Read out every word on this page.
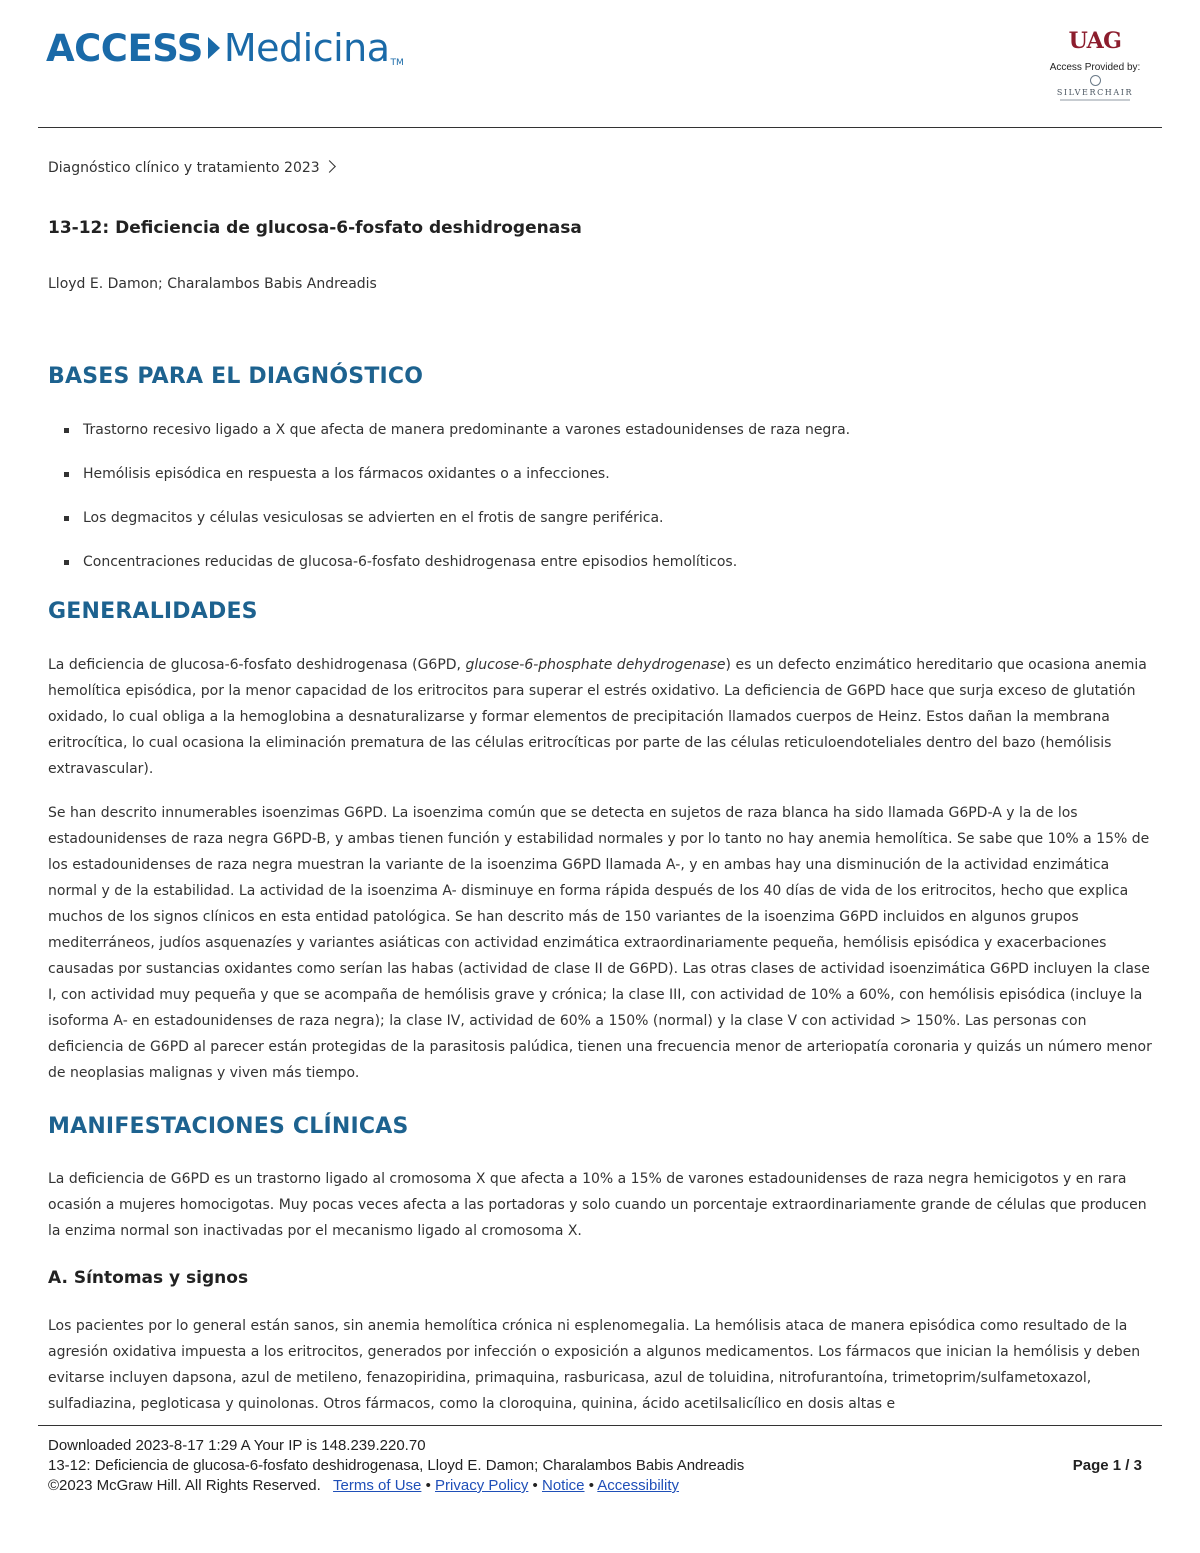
ACCESS Medicina TM
UAG
Access Provided by:
SILVERCHAIR
Diagnóstico clínico y tratamiento 2023
13-12: Deficiencia de glucosa-6-fosfato deshidrogenasa
Lloyd E. Damon; Charalambos Babis Andreadis
BASES PARA EL DIAGNÓSTICO
Trastorno recesivo ligado a X que afecta de manera predominante a varones estadounidenses de raza negra.
Hemólisis episódica en respuesta a los fármacos oxidantes o a infecciones.
Los degmacitos y células vesiculosas se advierten en el frotis de sangre periférica.
Concentraciones reducidas de glucosa-6-fosfato deshidrogenasa entre episodios hemolíticos.
GENERALIDADES

La deficiencia de glucosa-6-fosfato deshidrogenasa (G6PD, glucose-6-phosphate dehydrogenase) es un defecto enzimático hereditario que ocasiona anemia hemolítica episódica, por la menor capacidad de los eritrocitos para superar el estrés oxidativo. La deficiencia de G6PD hace que surja exceso de glutatión oxidado, lo cual obliga a la hemoglobina a desnaturalizarse y formar elementos de precipitación llamados cuerpos de Heinz. Estos dañan la membrana eritrocítica, lo cual ocasiona la eliminación prematura de las células eritrocíticas por parte de las células reticuloendoteliales dentro del bazo (hemólisis extravascular).

Se han descrito innumerables isoenzimas G6PD. La isoenzima común que se detecta en sujetos de raza blanca ha sido llamada G6PD-A y la de los estadounidenses de raza negra G6PD-B, y ambas tienen función y estabilidad normales y por lo tanto no hay anemia hemolítica. Se sabe que 10% a 15% de los estadounidenses de raza negra muestran la variante de la isoenzima G6PD llamada A-, y en ambas hay una disminución de la actividad enzimática normal y de la estabilidad. La actividad de la isoenzima A- disminuye en forma rápida después de los 40 días de vida de los eritrocitos, hecho que explica muchos de los signos clínicos en esta entidad patológica. Se han descrito más de 150 variantes de la isoenzima G6PD incluidos en algunos grupos mediterráneos, judíos asquenazíes y variantes asiáticas con actividad enzimática extraordinariamente pequeña, hemólisis episódica y exacerbaciones causadas por sustancias oxidantes como serían las habas (actividad de clase II de G6PD). Las otras clases de actividad isoenzimática G6PD incluyen la clase I, con actividad muy pequeña y que se acompaña de hemólisis grave y crónica; la clase III, con actividad de 10% a 60%, con hemólisis episódica (incluye la isoforma A- en estadounidenses de raza negra); la clase IV, actividad de 60% a 150% (normal) y la clase V con actividad > 150%. Las personas con deficiencia de G6PD al parecer están protegidas de la parasitosis palúdica, tienen una frecuencia menor de arteriopatía coronaria y quizás un número menor de neoplasias malignas y viven más tiempo.

MANIFESTACIONES CLÍNICAS

La deficiencia de G6PD es un trastorno ligado al cromosoma X que afecta a 10% a 15% de varones estadounidenses de raza negra hemicigotos y en rara ocasión a mujeres homocigotas. Muy pocas veces afecta a las portadoras y solo cuando un porcentaje extraordinariamente grande de células que producen la enzima normal son inactivadas por el mecanismo ligado al cromosoma X.

A. Síntomas y signos

Los pacientes por lo general están sanos, sin anemia hemolítica crónica ni esplenomegalia. La hemólisis ataca de manera episódica como resultado de la agresión oxidativa impuesta a los eritrocitos, generados por infección o exposición a algunos medicamentos. Los fármacos que inician la hemólisis y deben evitarse incluyen dapsona, azul de metileno, fenazopiridina, primaquina, rasburicasa, azul de toluidina, nitrofurantoína, trimetoprim/sulfametoxazol, sulfadiazina, pegloticasa y quinolonas. Otros fármacos, como la cloroquina, quinina, ácido acetilsalicílico en dosis altas e

Downloaded 2023-8-17 1:29 A Your IP is 148.239.220.70
13-12: Deficiencia de glucosa-6-fosfato deshidrogenasa, Lloyd E. Damon; Charalambos Babis Andreadis	Page 1 / 3
©2023 McGraw Hill. All Rights Reserved. Terms of Use • Privacy Policy • Notice • Accessibility
